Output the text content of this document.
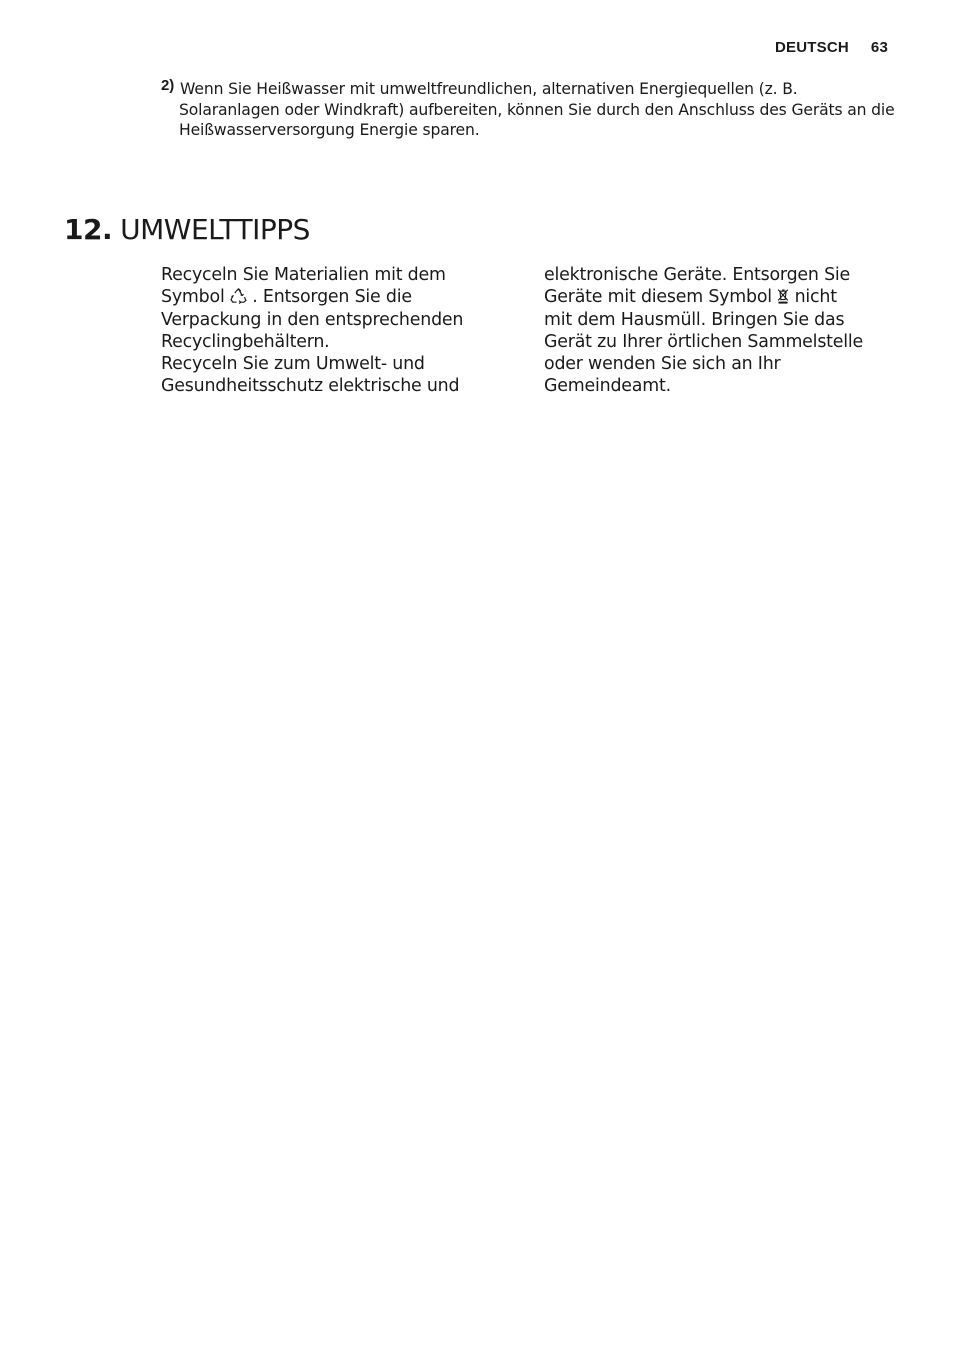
DEUTSCH 63
2) Wenn Sie Heißwasser mit umweltfreundlichen, alternativen Energiequellen (z. B. Solaranlagen oder Windkraft) aufbereiten, können Sie durch den Anschluss des Geräts an die Heißwasserversorgung Energie sparen.
12. UMWELTTIPPS

Recyceln Sie Materialien mit dem

Symbol  . Entsorgen Sie die

Verpackung in den entsprechenden

Recyclingbehältern.

Recyceln Sie zum Umwelt- und

Gesundheitsschutz elektrische und

elektronische Geräte. Entsorgen Sie

Geräte mit diesem Symbol  nicht

mit dem Hausmüll. Bringen Sie das

Gerät zu Ihrer örtlichen Sammelstelle

oder wenden Sie sich an Ihr

Gemeindeamt.
